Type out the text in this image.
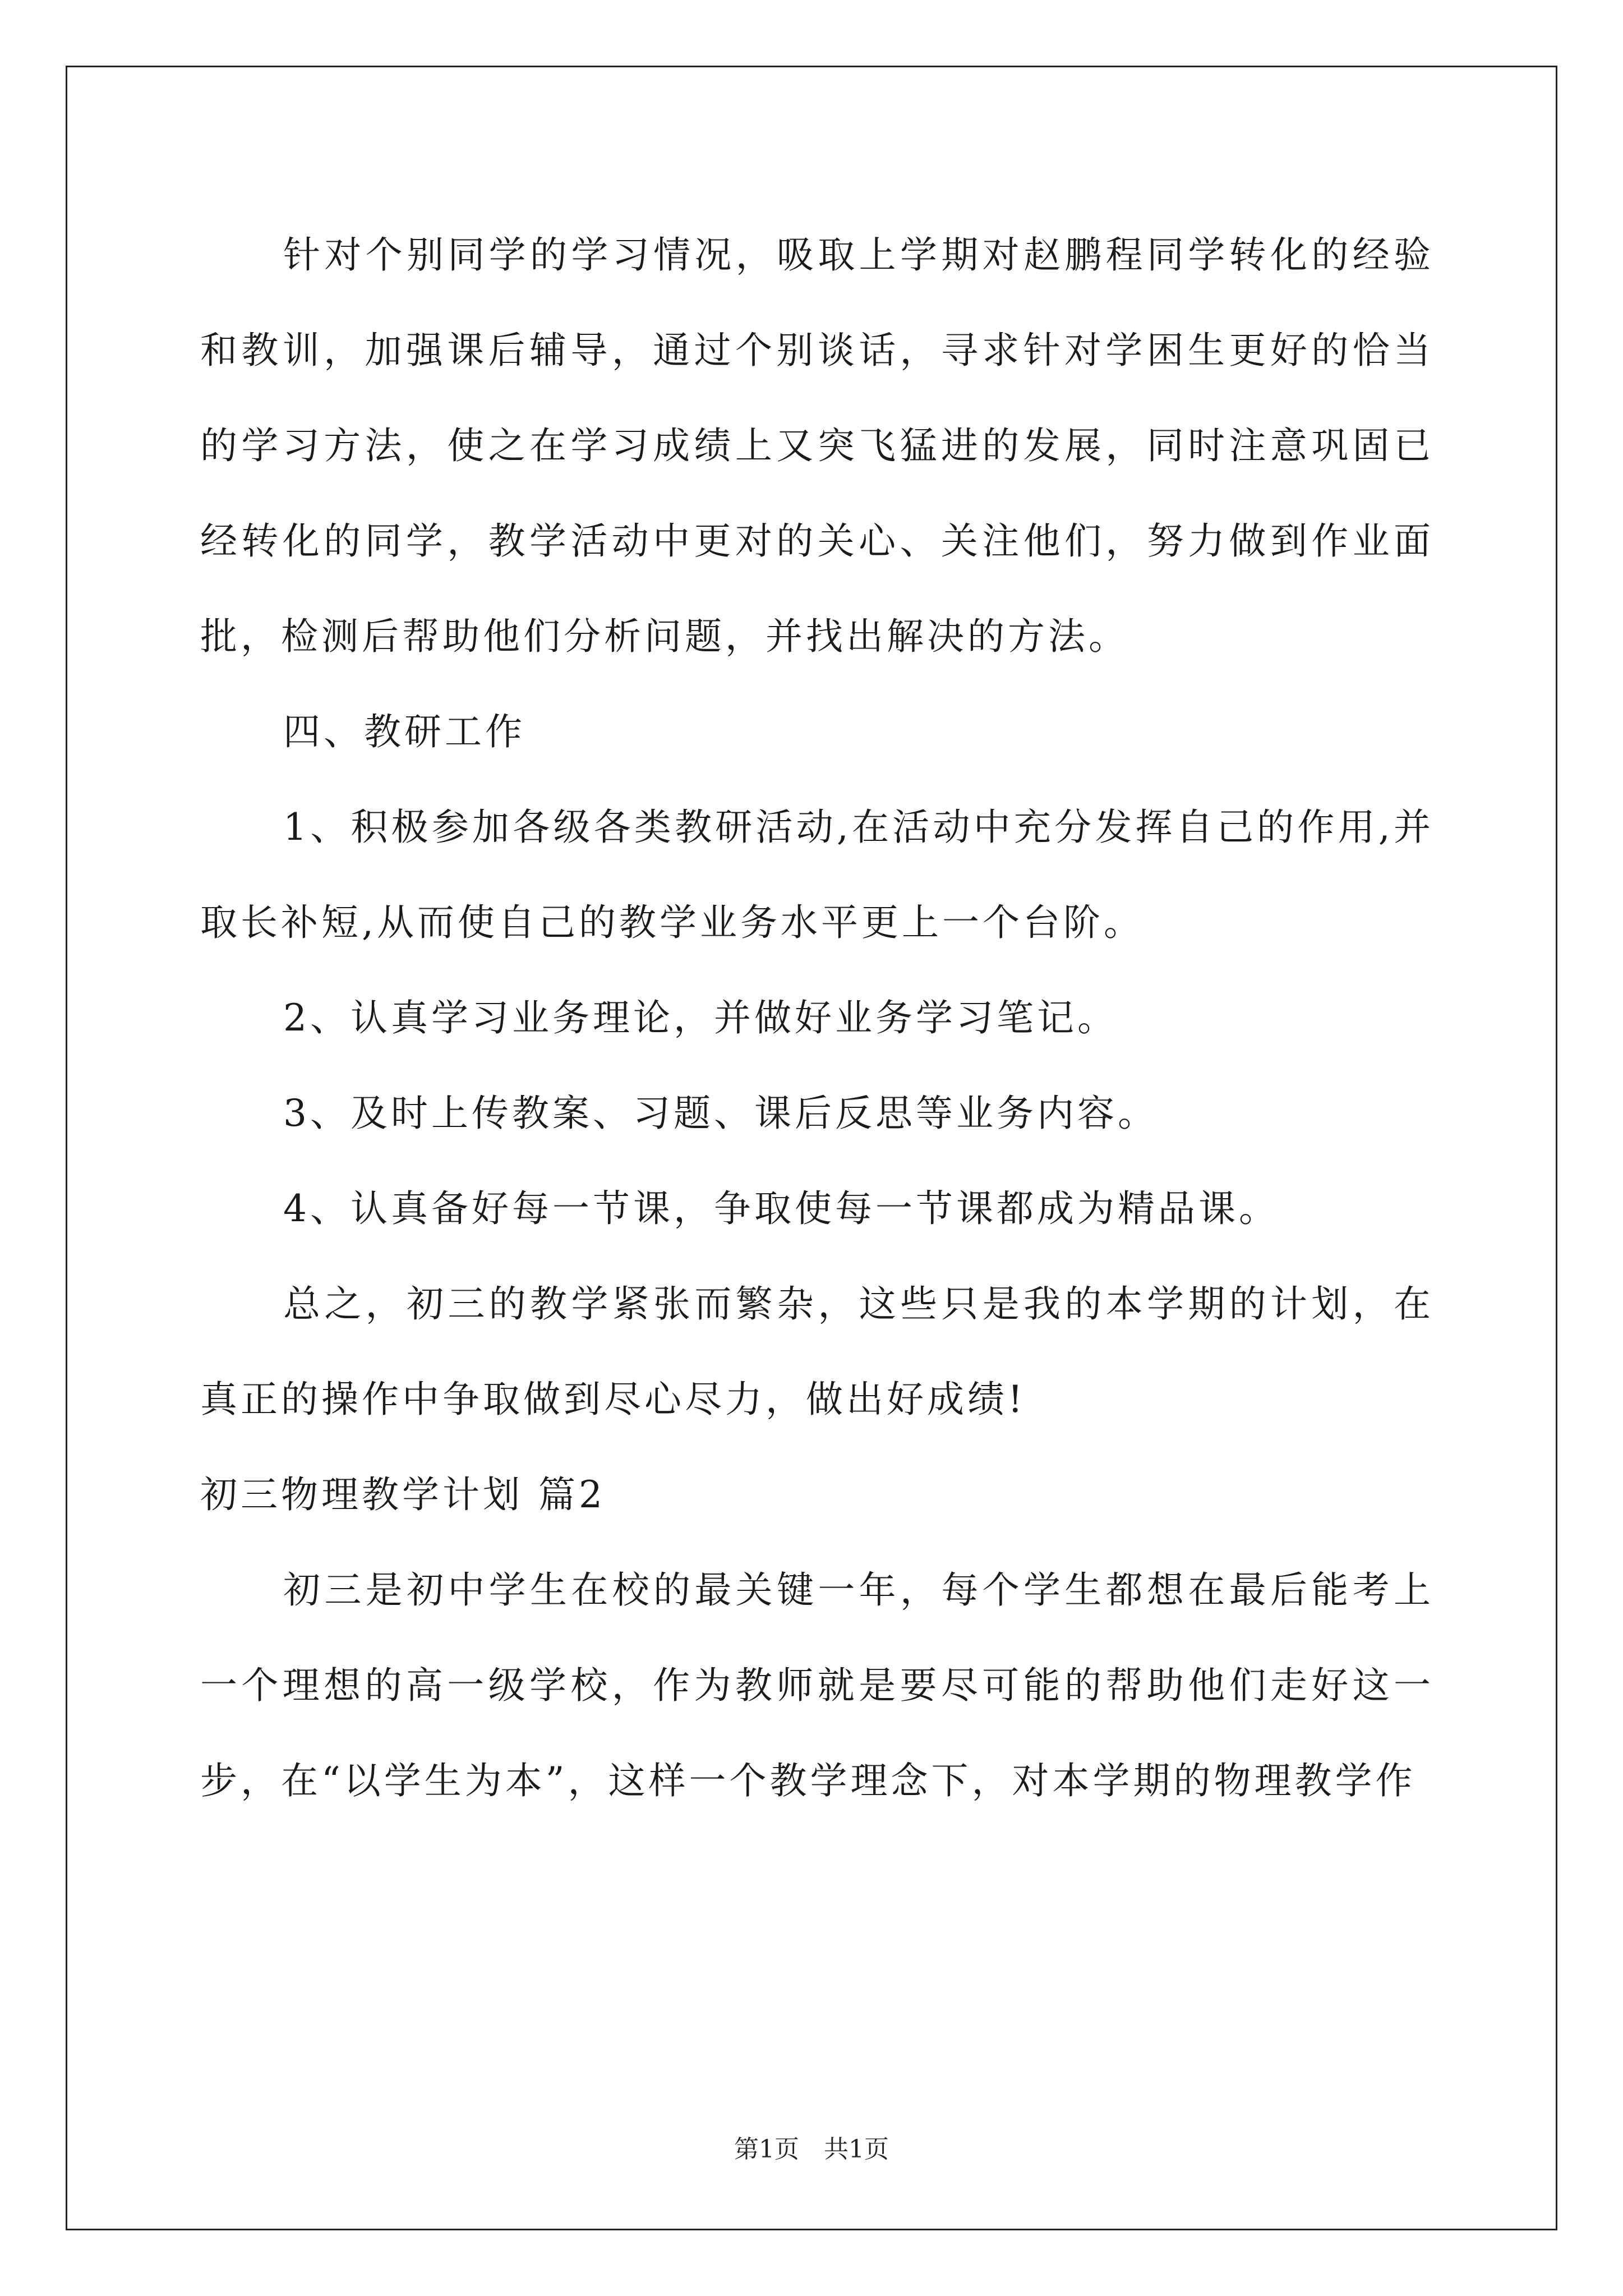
针对个别同学的学习情况，吸取上学期对赵鹏程同学转化的经验和教训，加强课后辅导，通过个别谈话，寻求针对学困生更好的恰当的学习方法，使之在学习成绩上又突飞猛进的发展，同时注意巩固已经转化的同学，教学活动中更对的关心、关注他们，努力做到作业面批，检测后帮助他们分析问题，并找出解决的方法。

四、教研工作

1、积极参加各级各类教研活动,在活动中充分发挥自己的作用,并取长补短,从而使自己的教学业务水平更上一个台阶。

2、认真学习业务理论，并做好业务学习笔记。

3、及时上传教案、习题、课后反思等业务内容。

4、认真备好每一节课，争取使每一节课都成为精品课。

总之，初三的教学紧张而繁杂，这些只是我的本学期的计划，在真正的操作中争取做到尽心尽力，做出好成绩!

初三物理教学计划 篇2

初三是初中学生在校的最关键一年，每个学生都想在最后能考上一个理想的高一级学校，作为教师就是要尽可能的帮助他们走好这一步，在“以学生为本”，这样一个教学理念下，对本学期的物理教学作

第1页 共1页
